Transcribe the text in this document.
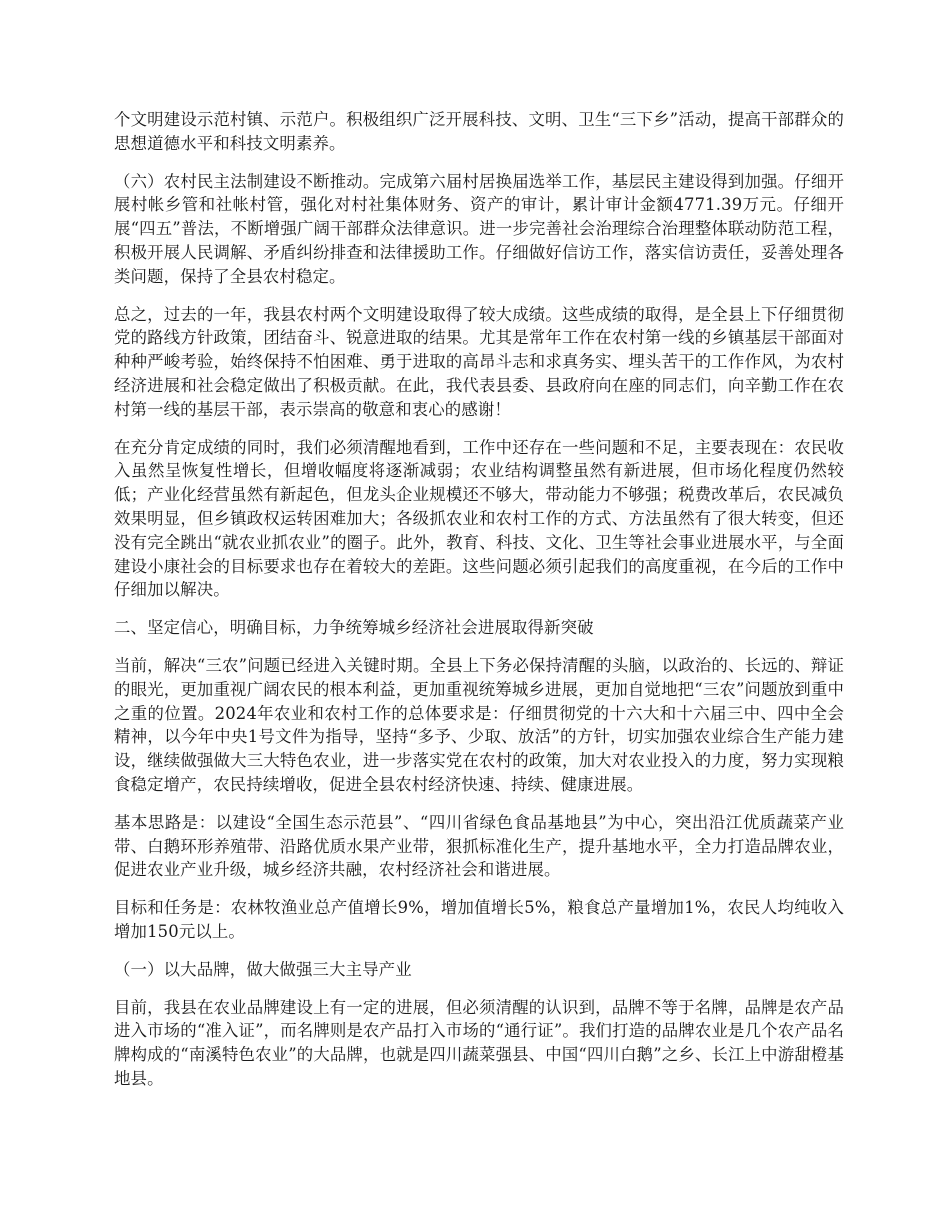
个文明建设示范村镇、示范户。积极组织广泛开展科技、文明、卫生“三下乡”活动，提高干部群众的思想道德水平和科技文明素养。

（六）农村民主法制建设不断推动。完成第六届村居换届选举工作，基层民主建设得到加强。仔细开展村帐乡管和社帐村管，强化对村社集体财务、资产的审计，累计审计金额4771.39万元。仔细开展“四五”普法，不断增强广阔干部群众法律意识。进一步完善社会治理综合治理整体联动防范工程，积极开展人民调解、矛盾纠纷排查和法律援助工作。仔细做好信访工作，落实信访责任，妥善处理各类问题，保持了全县农村稳定。

总之，过去的一年，我县农村两个文明建设取得了较大成绩。这些成绩的取得，是全县上下仔细贯彻党的路线方针政策，团结奋斗、锐意进取的结果。尤其是常年工作在农村第一线的乡镇基层干部面对种种严峻考验，始终保持不怕困难、勇于进取的高昂斗志和求真务实、埋头苦干的工作作风，为农村经济进展和社会稳定做出了积极贡献。在此，我代表县委、县政府向在座的同志们，向辛勤工作在农村第一线的基层干部，表示崇高的敬意和衷心的感谢！

在充分肯定成绩的同时，我们必须清醒地看到，工作中还存在一些问题和不足，主要表现在：农民收入虽然呈恢复性增长，但增收幅度将逐渐减弱；农业结构调整虽然有新进展，但市场化程度仍然较低；产业化经营虽然有新起色，但龙头企业规模还不够大，带动能力不够强；税费改革后，农民减负效果明显，但乡镇政权运转困难加大；各级抓农业和农村工作的方式、方法虽然有了很大转变，但还没有完全跳出“就农业抓农业”的圈子。此外，教育、科技、文化、卫生等社会事业进展水平，与全面建设小康社会的目标要求也存在着较大的差距。这些问题必须引起我们的高度重视，在今后的工作中仔细加以解决。

二、坚定信心，明确目标，力争统筹城乡经济社会进展取得新突破

当前，解决“三农”问题已经进入关键时期。全县上下务必保持清醒的头脑，以政治的、长远的、辩证的眼光，更加重视广阔农民的根本利益，更加重视统筹城乡进展，更加自觉地把“三农”问题放到重中之重的位置。2024年农业和农村工作的总体要求是：仔细贯彻党的十六大和十六届三中、四中全会精神，以今年中央1号文件为指导，坚持“多予、少取、放活”的方针，切实加强农业综合生产能力建设，继续做强做大三大特色农业，进一步落实党在农村的政策，加大对农业投入的力度，努力实现粮食稳定增产，农民持续增收，促进全县农村经济快速、持续、健康进展。

基本思路是：以建设“全国生态示范县”、“四川省绿色食品基地县”为中心，突出沿江优质蔬菜产业带、白鹅环形养殖带、沿路优质水果产业带，狠抓标准化生产，提升基地水平，全力打造品牌农业，促进农业产业升级，城乡经济共融，农村经济社会和谐进展。

目标和任务是：农林牧渔业总产值增长9%，增加值增长5%，粮食总产量增加1%，农民人均纯收入增加150元以上。

（一）以大品牌，做大做强三大主导产业

目前，我县在农业品牌建设上有一定的进展，但必须清醒的认识到，品牌不等于名牌，品牌是农产品进入市场的“准入证”，而名牌则是农产品打入市场的“通行证”。我们打造的品牌农业是几个农产品名牌构成的“南溪特色农业”的大品牌，也就是四川蔬菜强县、中国“四川白鹅”之乡、长江上中游甜橙基地县。
